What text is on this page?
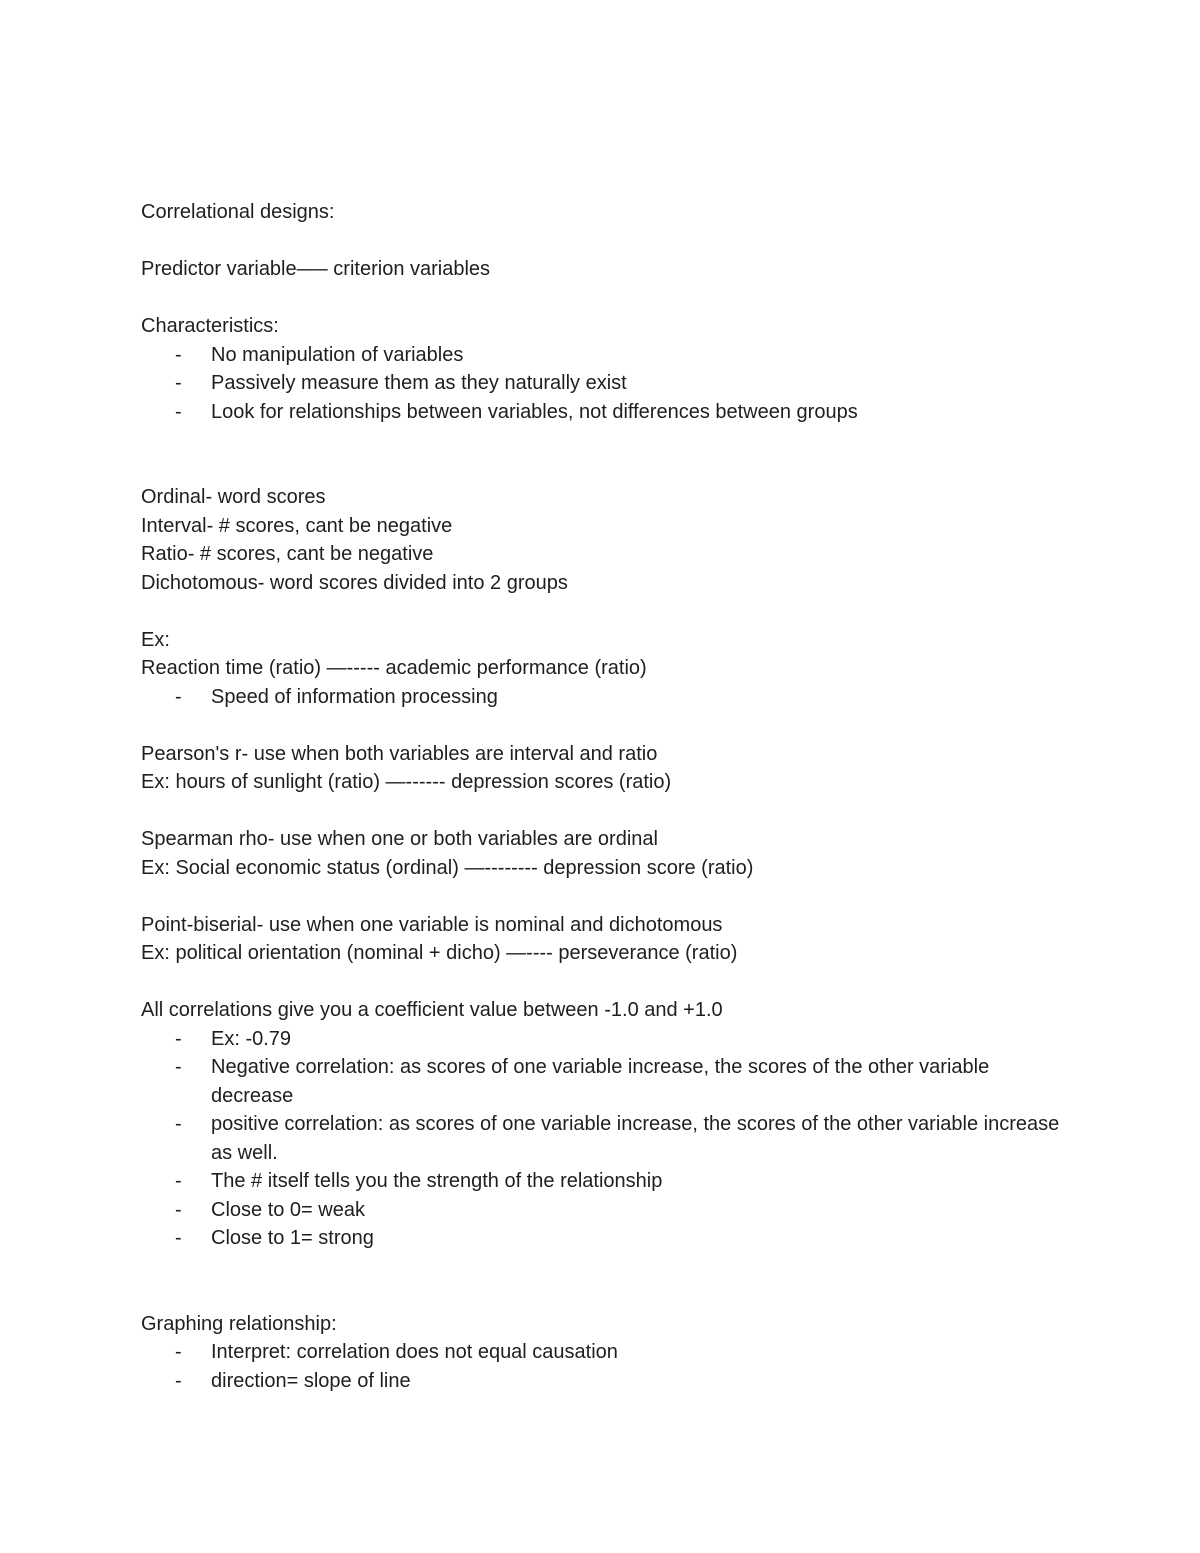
Correlational designs:
Predictor variable—– criterion variables
Characteristics:
- No manipulation of variables
- Passively measure them as they naturally exist
- Look for relationships between variables, not differences between groups
Ordinal- word scores
Interval- # scores, cant be negative
Ratio- # scores, cant be negative
Dichotomous- word scores divided into 2 groups
Ex:
Reaction time (ratio) —----- academic performance (ratio)
- Speed of information processing
Pearson's r- use when both variables are interval and ratio
Ex: hours of sunlight (ratio) —------ depression scores (ratio)
Spearman rho- use when one or both variables are ordinal
Ex: Social economic status (ordinal) —-------- depression score (ratio)
Point-biserial- use when one variable is nominal and dichotomous
Ex: political orientation (nominal + dicho) —---- perseverance (ratio)
All correlations give you a coefficient value between -1.0 and +1.0
- Ex: -0.79
- Negative correlation: as scores of one variable increase, the scores of the other variable decrease
- positive correlation: as scores of one variable increase, the scores of the other variable increase as well.
- The # itself tells you the strength of the relationship
- Close to 0= weak
- Close to 1= strong
Graphing relationship:
- Interpret: correlation does not equal causation
- direction= slope of line
